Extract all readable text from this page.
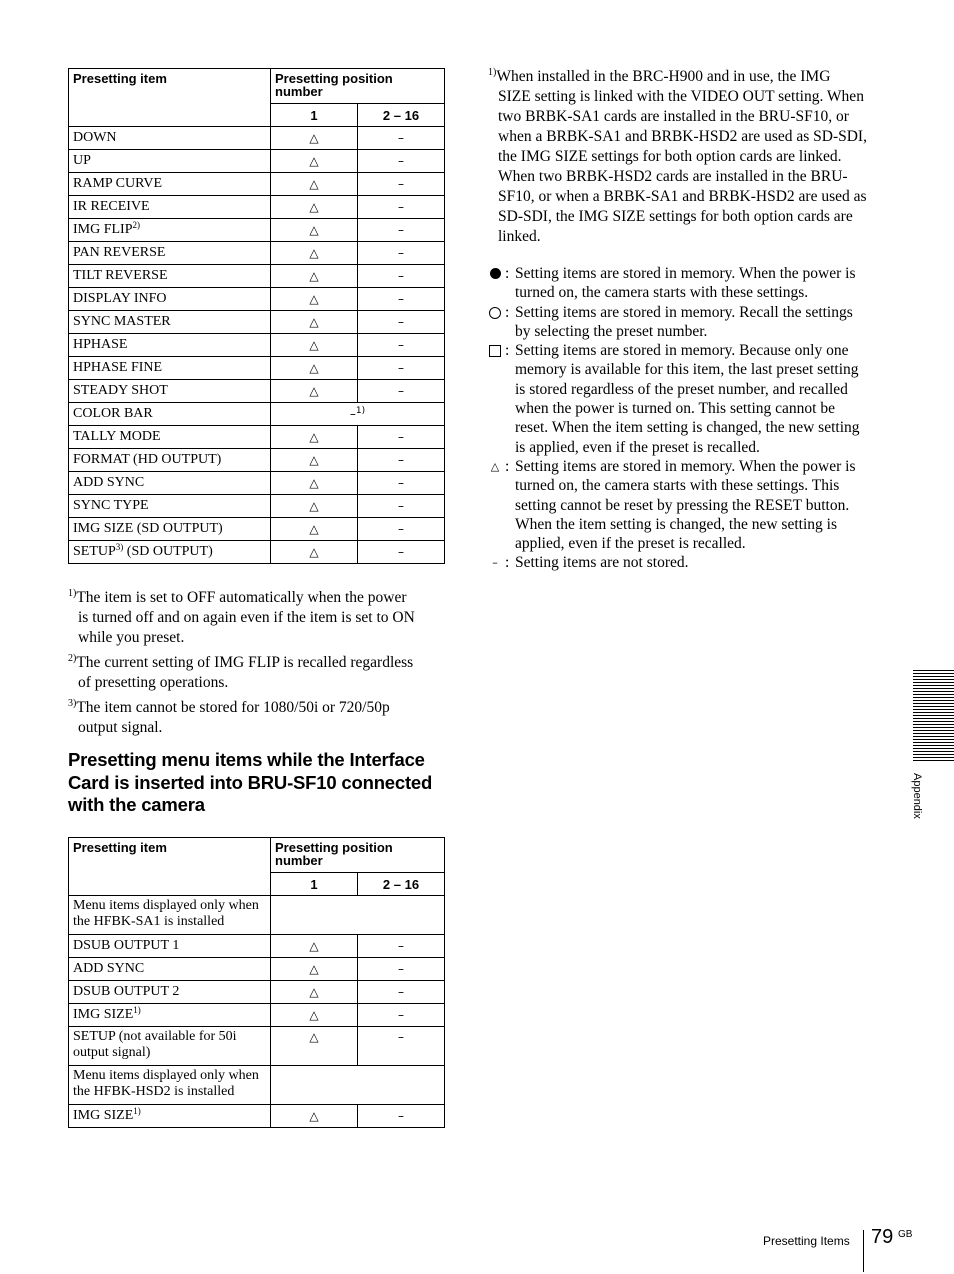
Presetting item	Presetting position number	
	1	2 – 16
DOWN	△	–
UP	△	–
RAMP CURVE	△	–
IR RECEIVE	△	–
IMG FLIP$^{2)}$	△	–
PAN REVERSE	△	–
TILT REVERSE	△	–
DISPLAY INFO	△	–
SYNC MASTER	△	–
HPHASE	△	–
HPHASE FINE	△	–
STEADY SHOT	△	–
COLOR BAR	–$^{1)}$
TALLY MODE	△	–
FORMAT (HD OUTPUT)	△	–
ADD SYNC	△	–
SYNC TYPE	△	–
IMG SIZE (SD OUTPUT)	△	–
SETUP$^{3)}$ (SD OUTPUT)	△	–
$^{1)}$The item is set to OFF automatically when the power
is turned off and on again even if the item is set to ON while you preset.
$^{2)}$The current setting of IMG FLIP is recalled regardless
of presetting operations.
$^{3)}$The item cannot be stored for 1080/50i or 720/50p
output signal.
Presetting menu items while the Interface Card is inserted into BRU-SF10 connected with the camera
Presetting item	Presetting position number	
	1	2 – 16
Menu items displayed only when the HFBK-SA1 is installed		
DSUB OUTPUT 1	△	–
ADD SYNC	△	–
DSUB OUTPUT 2	△	–
IMG SIZE$^{1)}$	△	–
SETUP (not available for 50i output signal)	△	–
Menu items displayed only when the HFBK-HSD2 is installed		
IMG SIZE$^{1)}$	△	–
$^{1)}$When installed in the BRC-H900 and in use, the IMG
SIZE setting is linked with the VIDEO OUT setting. When two BRBK-SA1 cards are installed in the BRU-SF10, or when a BRBK-SA1 and BRBK-HSD2 are used as SD-SDI, the IMG SIZE settings for both option cards are linked. When two BRBK-HSD2 cards are installed in the BRU-SF10, or when a BRBK-SA1 and BRBK-HSD2 are used as SD-SDI, the IMG SIZE settings for both option cards are linked.
: Setting items are stored in memory. When the power is turned on, the camera starts with these settings.
: Setting items are stored in memory. Recall the settings by selecting the preset number.
: Setting items are stored in memory. Because only one memory is available for this item, the last preset setting is stored regardless of the preset number, and recalled when the power is turned on. This setting cannot be reset. When the item setting is changed, the new setting is applied, even if the preset is recalled.
△ : Setting items are stored in memory. When the power is turned on, the camera starts with these settings. This setting cannot be reset by pressing the RESET button. When the item setting is changed, the new setting is applied, even if the preset is recalled.
– : Setting items are not stored.
Appendix
Presetting Items 79 GB
